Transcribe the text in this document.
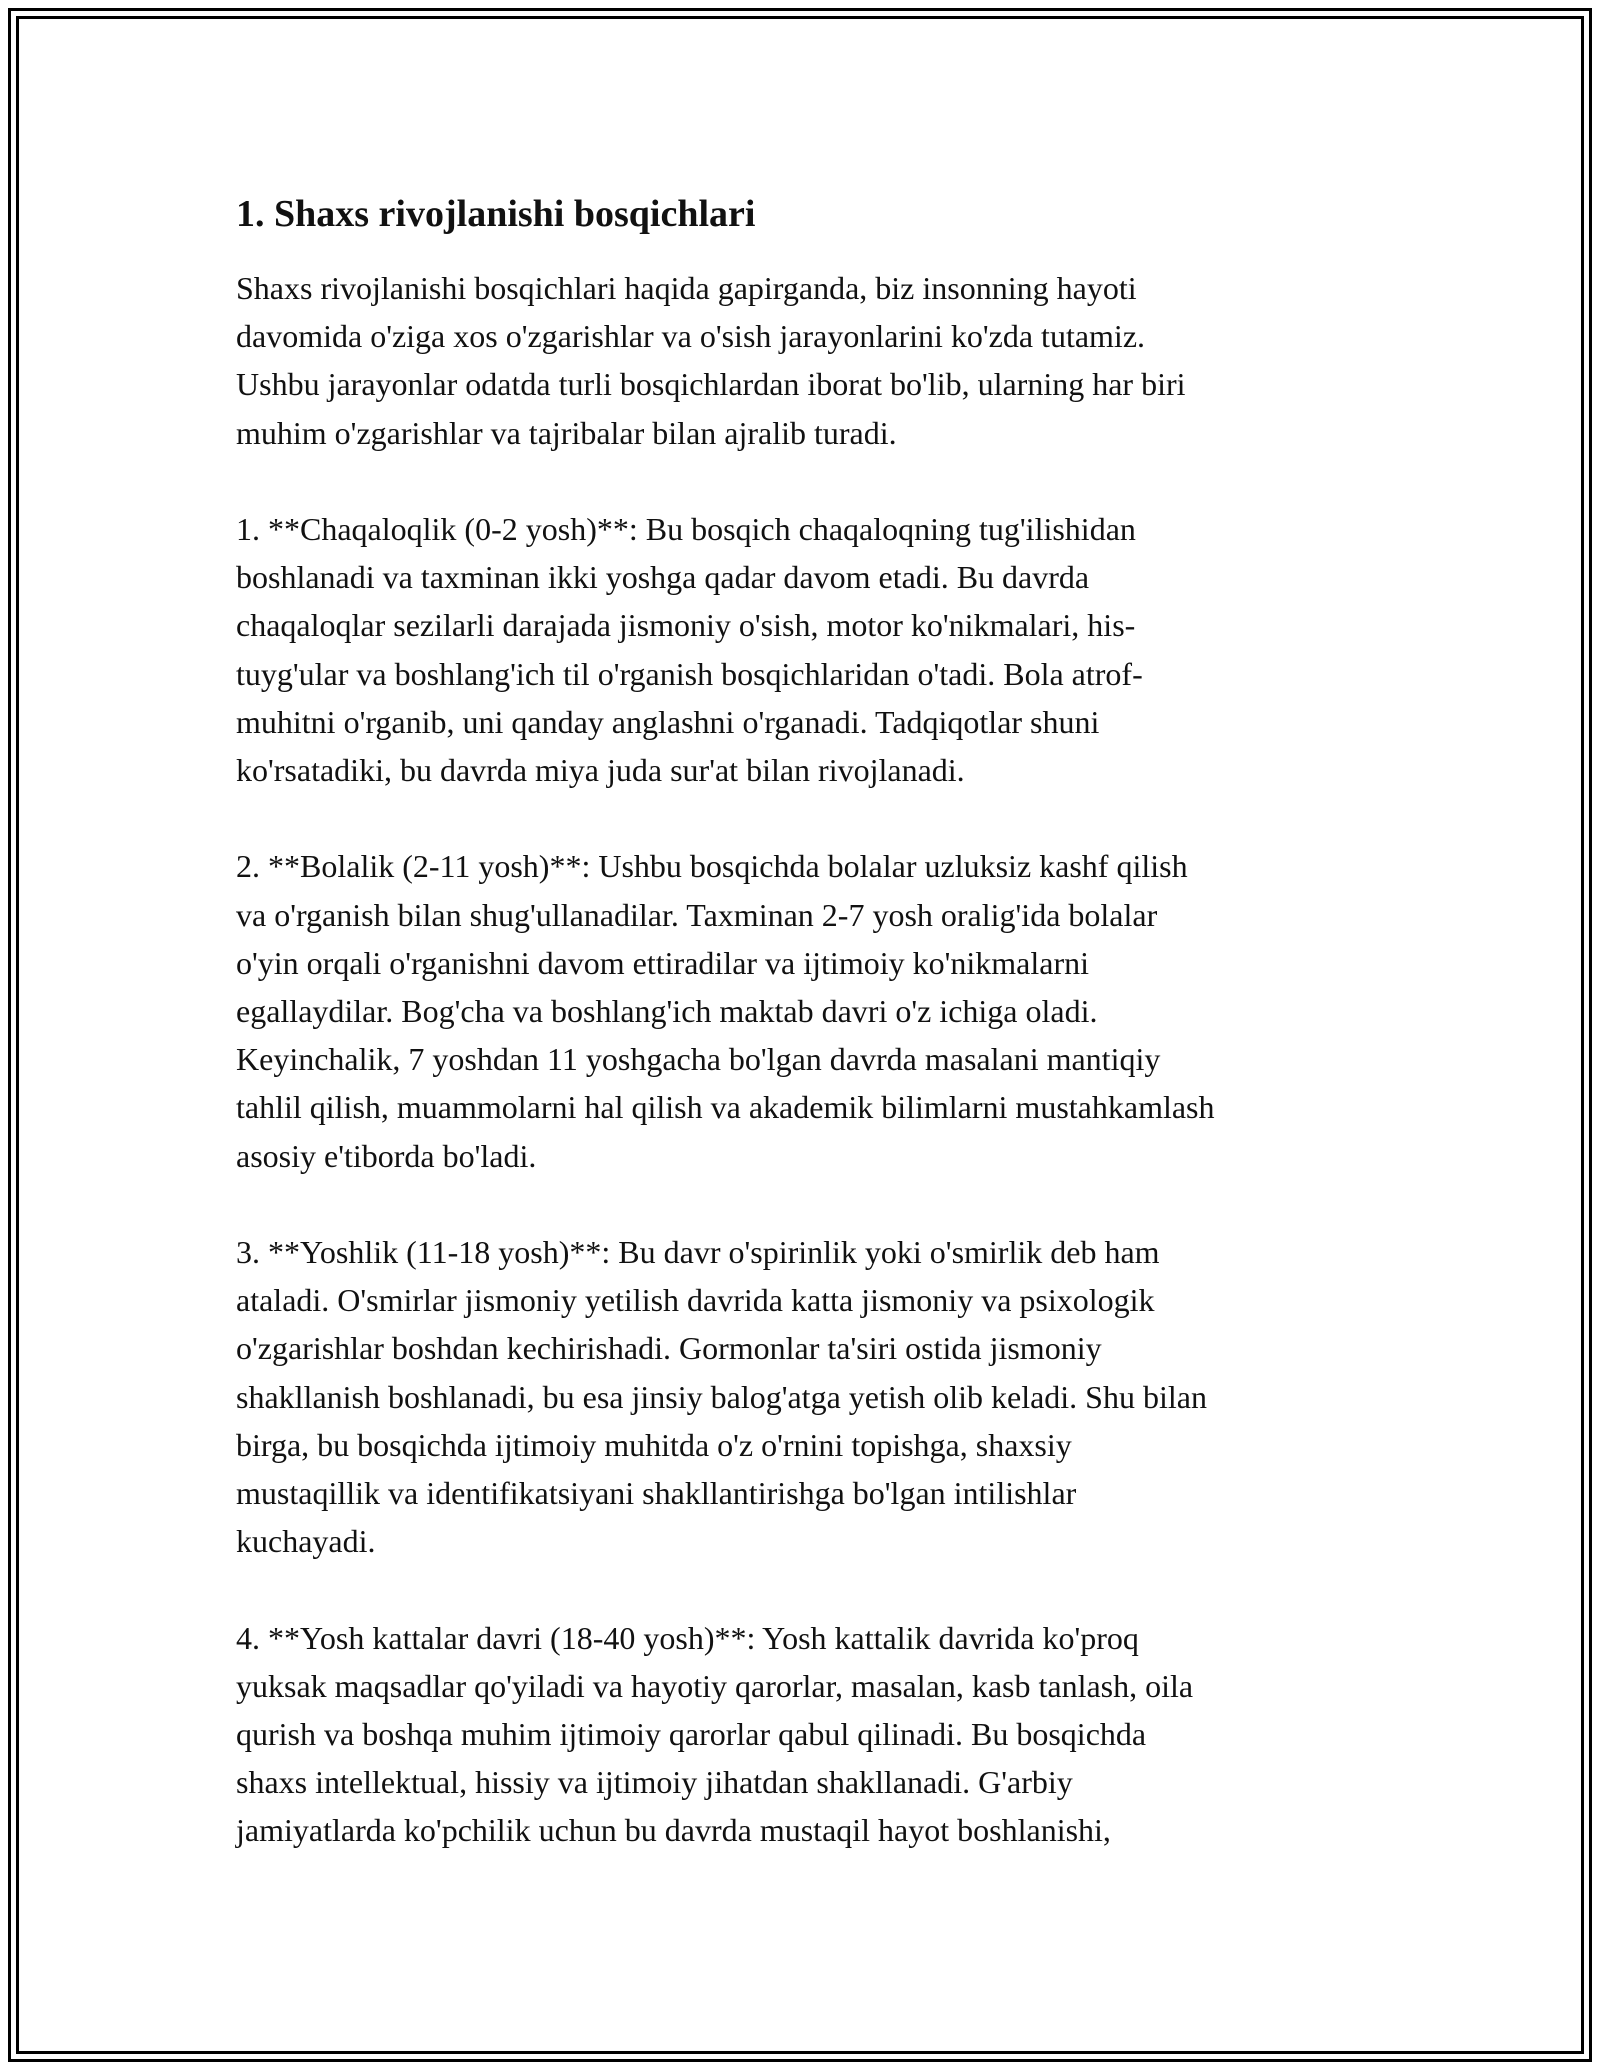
1. Shaxs rivojlanishi bosqichlari

Shaxs rivojlanishi bosqichlari haqida gapirganda, biz insonning hayoti
davomida o'ziga xos o'zgarishlar va o'sish jarayonlarini ko'zda tutamiz.
Ushbu jarayonlar odatda turli bosqichlardan iborat bo'lib, ularning har biri
muhim o'zgarishlar va tajribalar bilan ajralib turadi.

1. **Chaqaloqlik (0-2 yosh)**: Bu bosqich chaqaloqning tug'ilishidan
boshlanadi va taxminan ikki yoshga qadar davom etadi. Bu davrda
chaqaloqlar sezilarli darajada jismoniy o'sish, motor ko'nikmalari, his-
tuyg'ular va boshlang'ich til o'rganish bosqichlaridan o'tadi. Bola atrof-
muhitni o'rganib, uni qanday anglashni o'rganadi. Tadqiqotlar shuni
ko'rsatadiki, bu davrda miya juda sur'at bilan rivojlanadi.

2. **Bolalik (2-11 yosh)**: Ushbu bosqichda bolalar uzluksiz kashf qilish
va o'rganish bilan shug'ullanadilar. Taxminan 2-7 yosh oralig'ida bolalar
o'yin orqali o'rganishni davom ettiradilar va ijtimoiy ko'nikmalarni
egallaydilar. Bog'cha va boshlang'ich maktab davri o'z ichiga oladi.
Keyinchalik, 7 yoshdan 11 yoshgacha bo'lgan davrda masalani mantiqiy
tahlil qilish, muammolarni hal qilish va akademik bilimlarni mustahkamlash
asosiy e'tiborda bo'ladi.

3. **Yoshlik (11-18 yosh)**: Bu davr o'spirinlik yoki o'smirlik deb ham
ataladi. O'smirlar jismoniy yetilish davrida katta jismoniy va psixologik
o'zgarishlar boshdan kechirishadi. Gormonlar ta'siri ostida jismoniy
shakllanish boshlanadi, bu esa jinsiy balog'atga yetish olib keladi. Shu bilan
birga, bu bosqichda ijtimoiy muhitda o'z o'rnini topishga, shaxsiy
mustaqillik va identifikatsiyani shakllantirishga bo'lgan intilishlar
kuchayadi.

4. **Yosh kattalar davri (18-40 yosh)**: Yosh kattalik davrida ko'proq
yuksak maqsadlar qo'yiladi va hayotiy qarorlar, masalan, kasb tanlash, oila
qurish va boshqa muhim ijtimoiy qarorlar qabul qilinadi. Bu bosqichda
shaxs intellektual, hissiy va ijtimoiy jihatdan shakllanadi. G'arbiy
jamiyatlarda ko'pchilik uchun bu davrda mustaqil hayot boshlanishi,
